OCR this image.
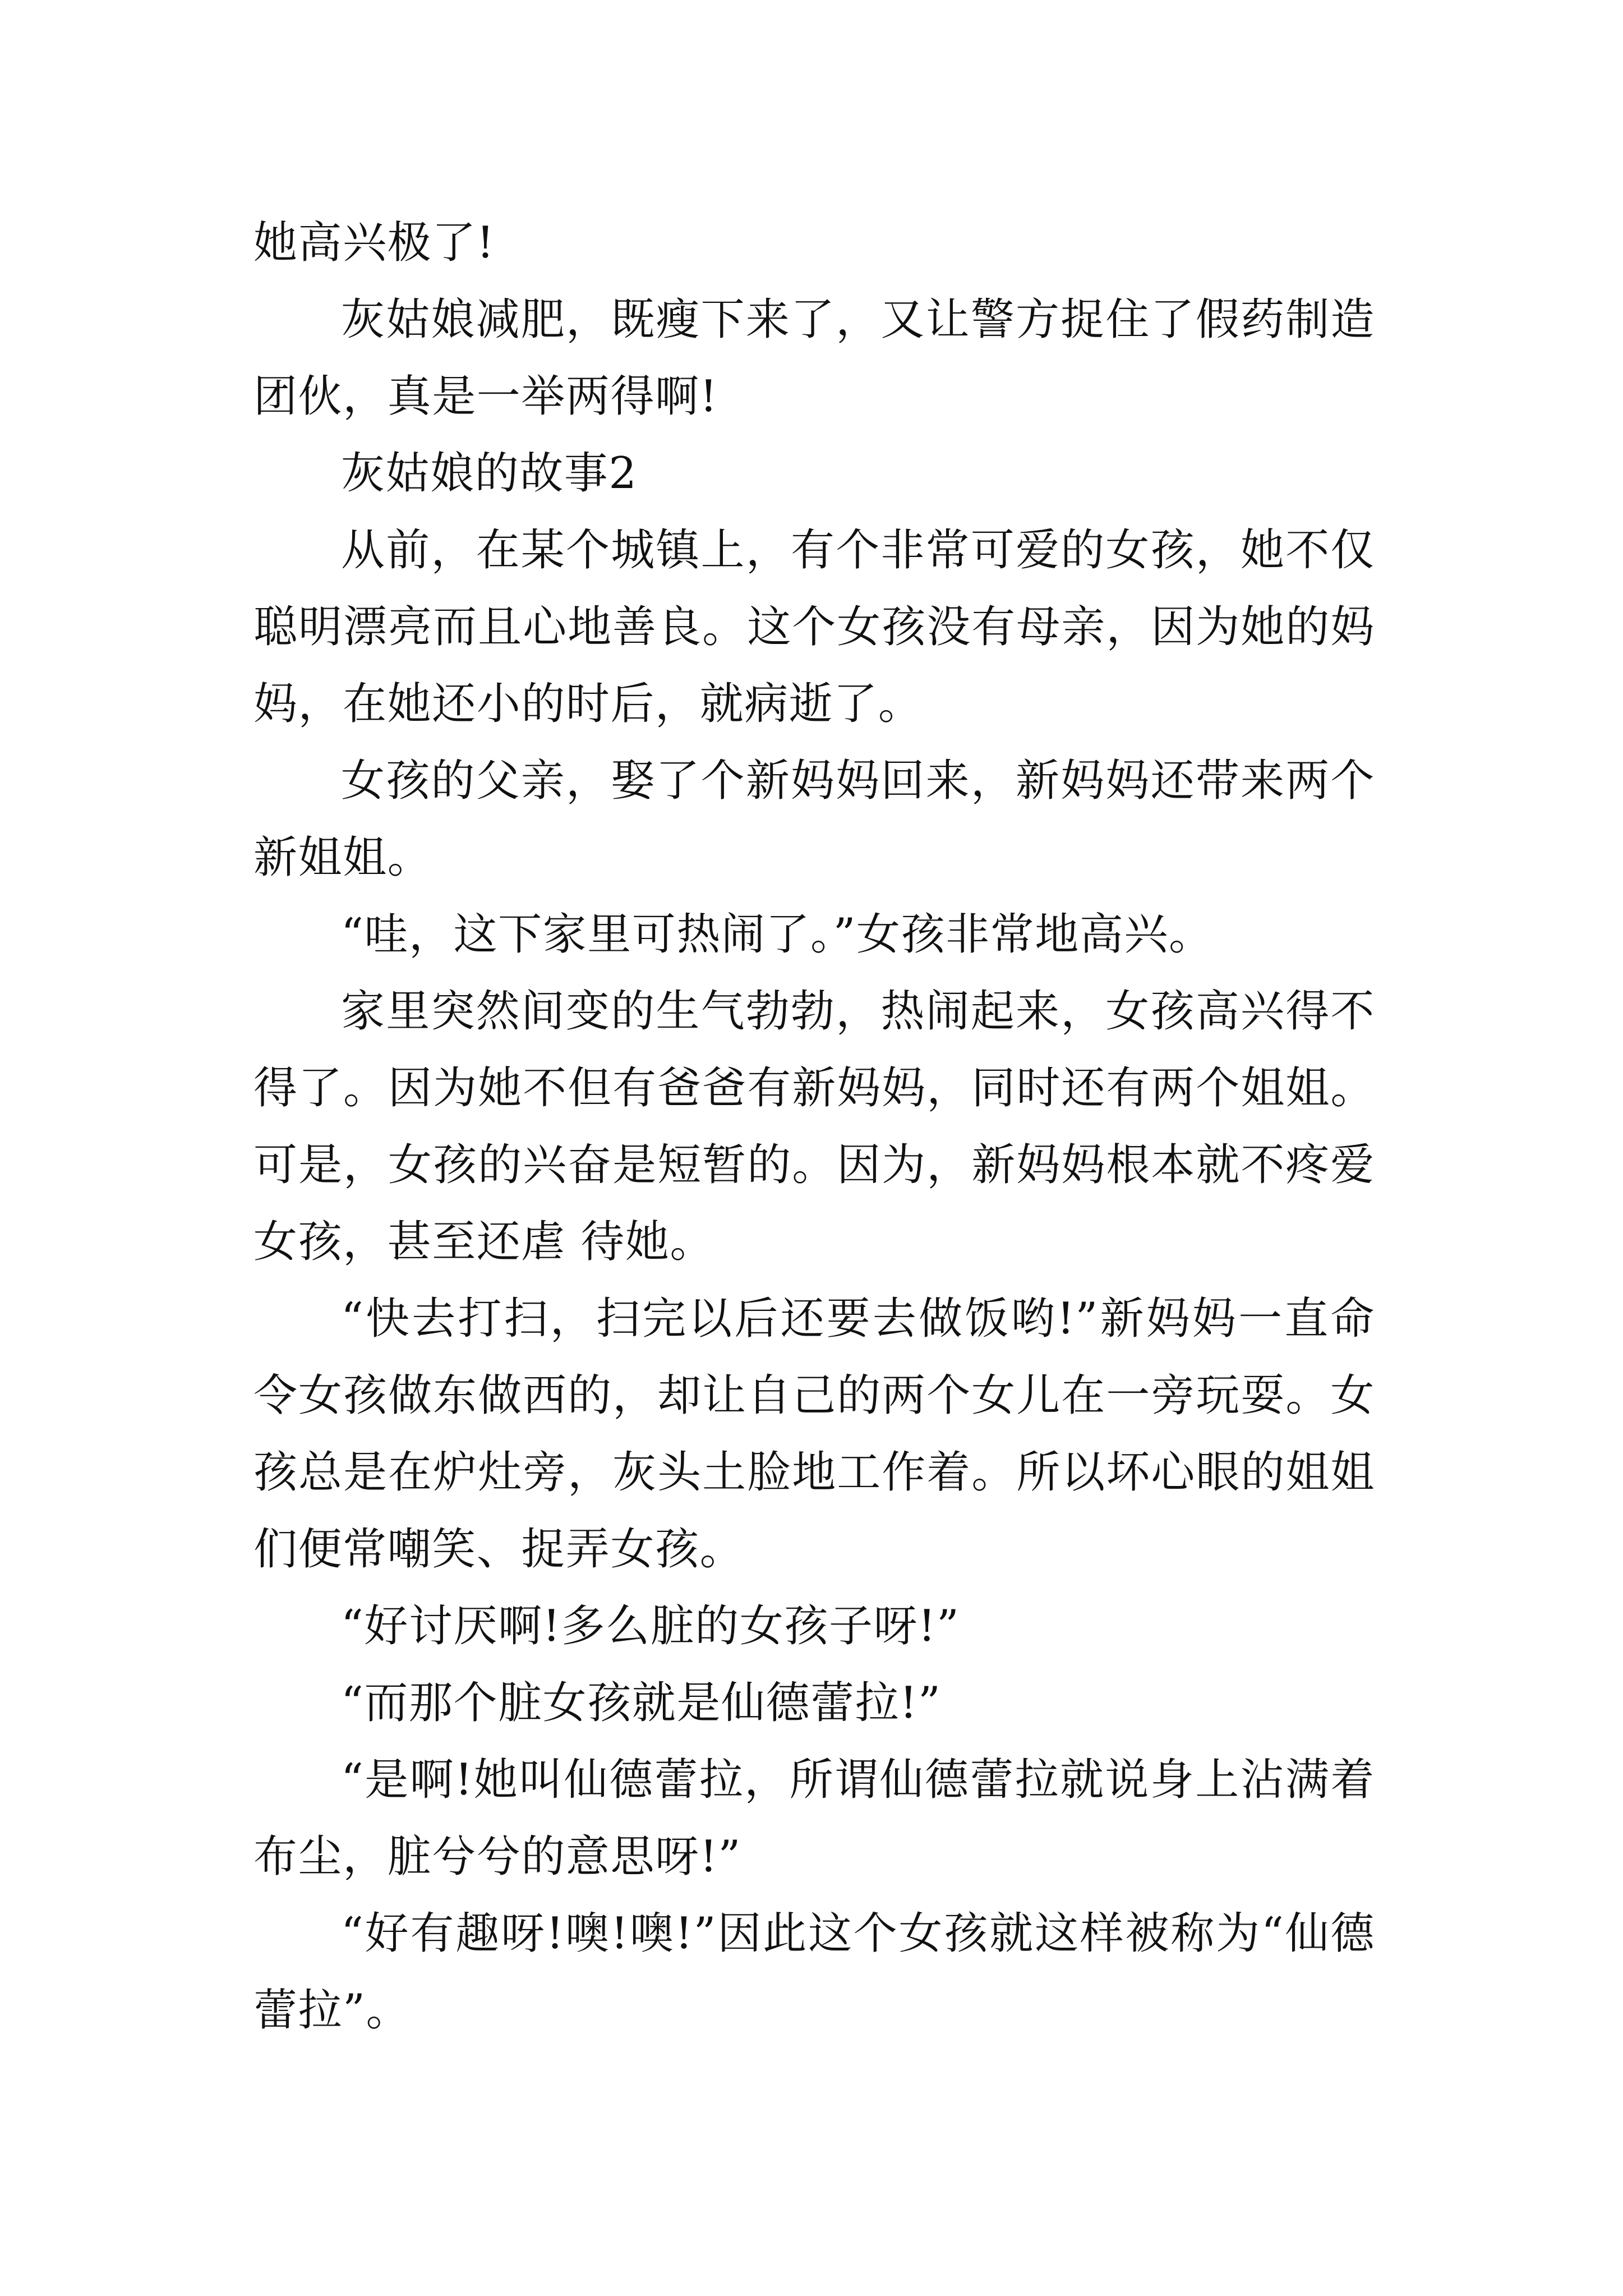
她高兴极了!

灰姑娘减肥，既瘦下来了，又让警方捉住了假药制造团伙，真是一举两得啊!

灰姑娘的故事2

从前，在某个城镇上，有个非常可爱的女孩，她不仅聪明漂亮而且心地善良。这个女孩没有母亲，因为她的妈妈，在她还小的时后，就病逝了。

女孩的父亲，娶了个新妈妈回来，新妈妈还带来两个新姐姐。

“哇，这下家里可热闹了。”女孩非常地高兴。

家里突然间变的生气勃勃，热闹起来，女孩高兴得不得了。因为她不但有爸爸有新妈妈，同时还有两个姐姐。可是，女孩的兴奋是短暂的。因为，新妈妈根本就不疼爱女孩，甚至还虐 待她。

“快去打扫，扫完以后还要去做饭哟!”新妈妈一直命令女孩做东做西的，却让自己的两个女儿在一旁玩耍。女孩总是在炉灶旁，灰头土脸地工作着。所以坏心眼的姐姐们便常嘲笑、捉弄女孩。

“好讨厌啊!多么脏的女孩子呀!”

“而那个脏女孩就是仙德蕾拉!”

“是啊!她叫仙德蕾拉，所谓仙德蕾拉就说身上沾满着布尘，脏兮兮的意思呀!”

“好有趣呀!噢!噢!”因此这个女孩就这样被称为“仙德蕾拉”。
